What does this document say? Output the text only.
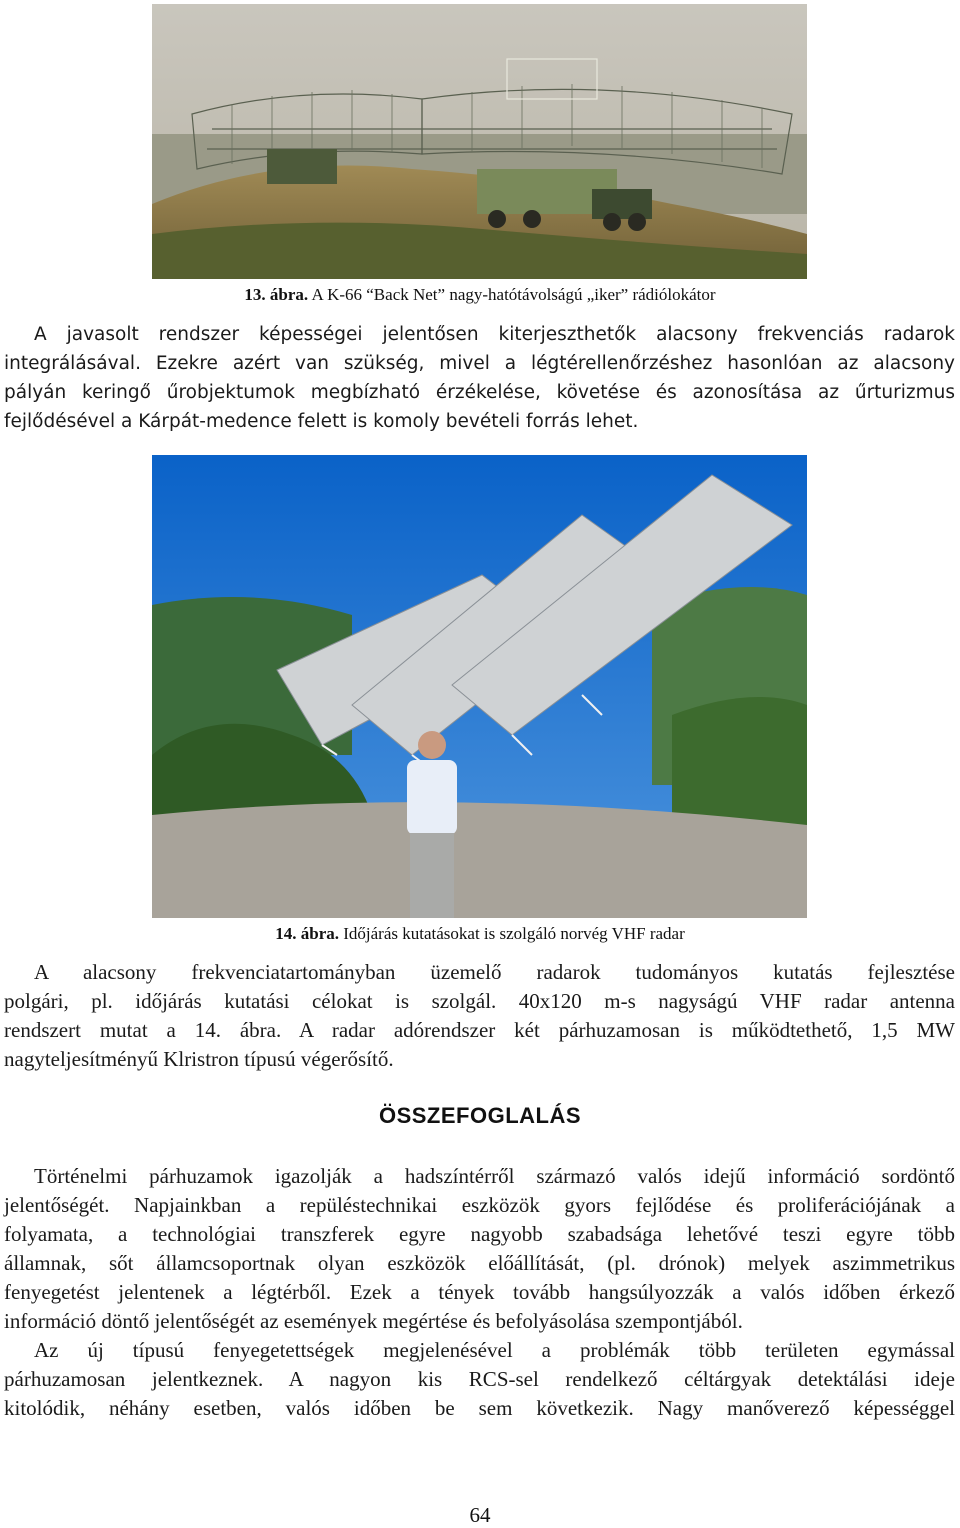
13. ábra. A K-66 “Back Net” nagy-hatótávolságú „iker” rádiólokátor
A javasolt rendszer képességei jelentősen kiterjeszthetők alacsony frekvenciás radarok
integrálásával. Ezekre azért van szükség, mivel a légtérellenőrzéshez hasonlóan az alacsony
pályán keringő űrobjektumok megbízható érzékelése, követése és azonosítása az űrturizmus
fejlődésével a Kárpát-medence felett is komoly bevételi forrás lehet.
14. ábra. Időjárás kutatásokat is szolgáló norvég VHF radar
A alacsony frekvenciatartományban üzemelő radarok tudományos kutatás fejlesztése
polgári, pl. időjárás kutatási célokat is szolgál. 40x120 m-s nagyságú VHF radar antenna
rendszert mutat a 14. ábra. A radar adórendszer két párhuzamosan is működtethető, 1,5 MW
nagyteljesítményű Klristron típusú végerősítő.
ÖSSZEFOGLALÁS
Történelmi párhuzamok igazolják a hadszíntérről származó valós idejű információ sordöntő
jelentőségét. Napjainkban a repüléstechnikai eszközök gyors fejlődése és proliferációjának a
folyamata, a technológiai transzferek egyre nagyobb szabadsága lehetővé teszi egyre több
államnak, sőt államcsoportnak olyan eszközök előállítását, (pl. drónok) melyek aszimmetrikus
fenyegetést jelentenek a légtérből. Ezek a tények tovább hangsúlyozzák a valós időben érkező
információ döntő jelentőségét az események megértése és befolyásolása szempontjából.
Az új típusú fenyegetettségek megjelenésével a problémák több területen egymással
párhuzamosan jelentkeznek. A nagyon kis RCS-sel rendelkező céltárgyak detektálási ideje
kitolódik, néhány esetben, valós időben be sem következik. Nagy manőverező képességgel
64
